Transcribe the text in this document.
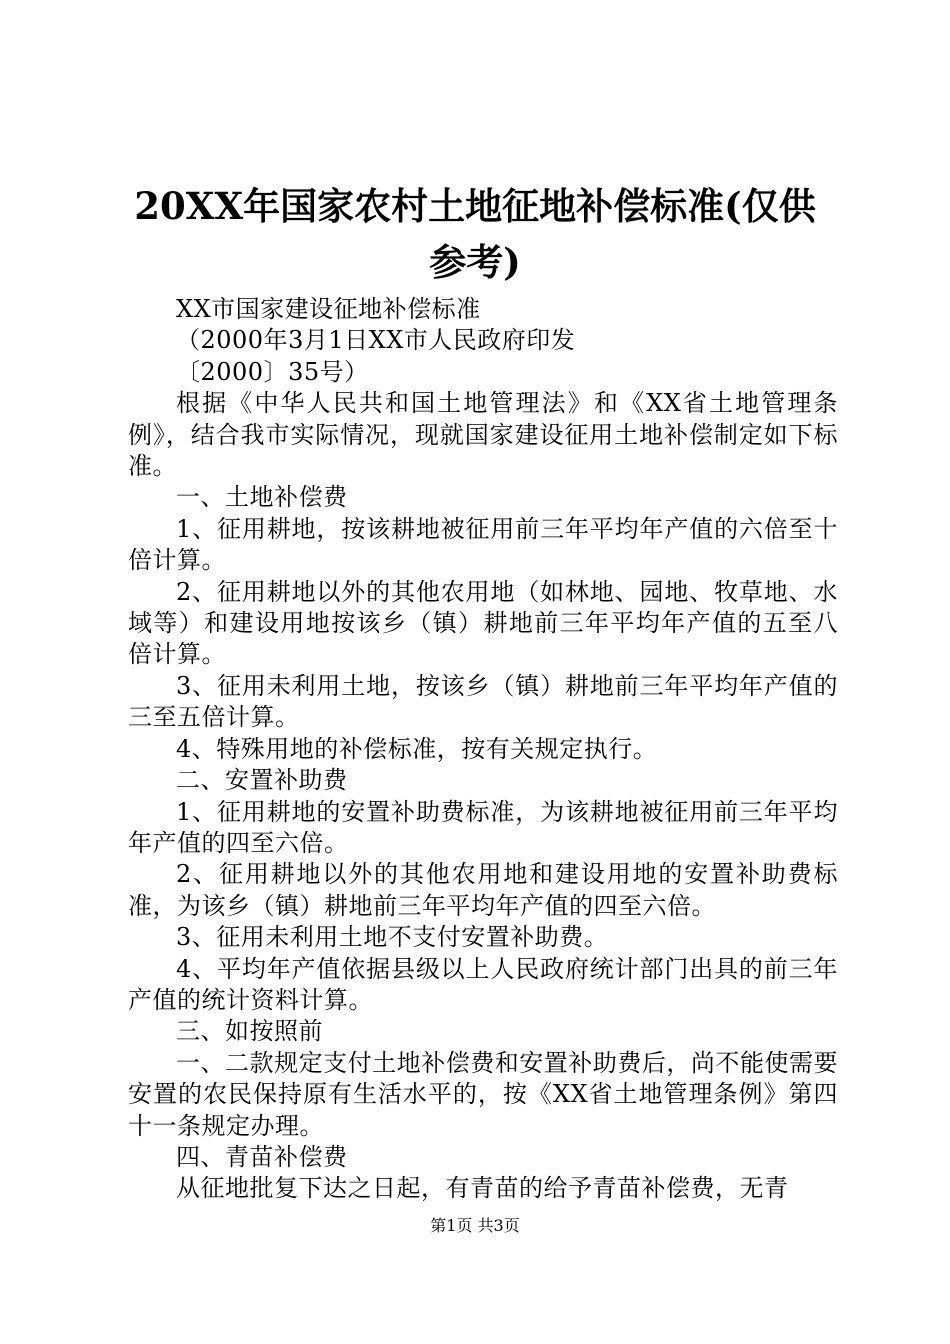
20XX年国家农村土地征地补偿标准(仅供参考)

XX市国家建设征地补偿标准

（2000年3月1日XX市人民政府印发

〔2000〕35号）

根据《中华人民共和国土地管理法》和《XX省土地管理条例》，结合我市实际情况，现就国家建设征用土地补偿制定如下标准。

一、土地补偿费

1、征用耕地，按该耕地被征用前三年平均年产值的六倍至十倍计算。

2、征用耕地以外的其他农用地（如林地、园地、牧草地、水域等）和建设用地按该乡（镇）耕地前三年平均年产值的五至八倍计算。

3、征用未利用土地，按该乡（镇）耕地前三年平均年产值的三至五倍计算。

4、特殊用地的补偿标准，按有关规定执行。

二、安置补助费

1、征用耕地的安置补助费标准，为该耕地被征用前三年平均年产值的四至六倍。

2、征用耕地以外的其他农用地和建设用地的安置补助费标准，为该乡（镇）耕地前三年平均年产值的四至六倍。

3、征用未利用土地不支付安置补助费。

4、平均年产值依据县级以上人民政府统计部门出具的前三年产值的统计资料计算。

三、如按照前

一、二款规定支付土地补偿费和安置补助费后，尚不能使需要安置的农民保持原有生活水平的，按《XX省土地管理条例》第四十一条规定办理。

四、青苗补偿费

从征地批复下达之日起，有青苗的给予青苗补偿费，无青

第1页 共3页
